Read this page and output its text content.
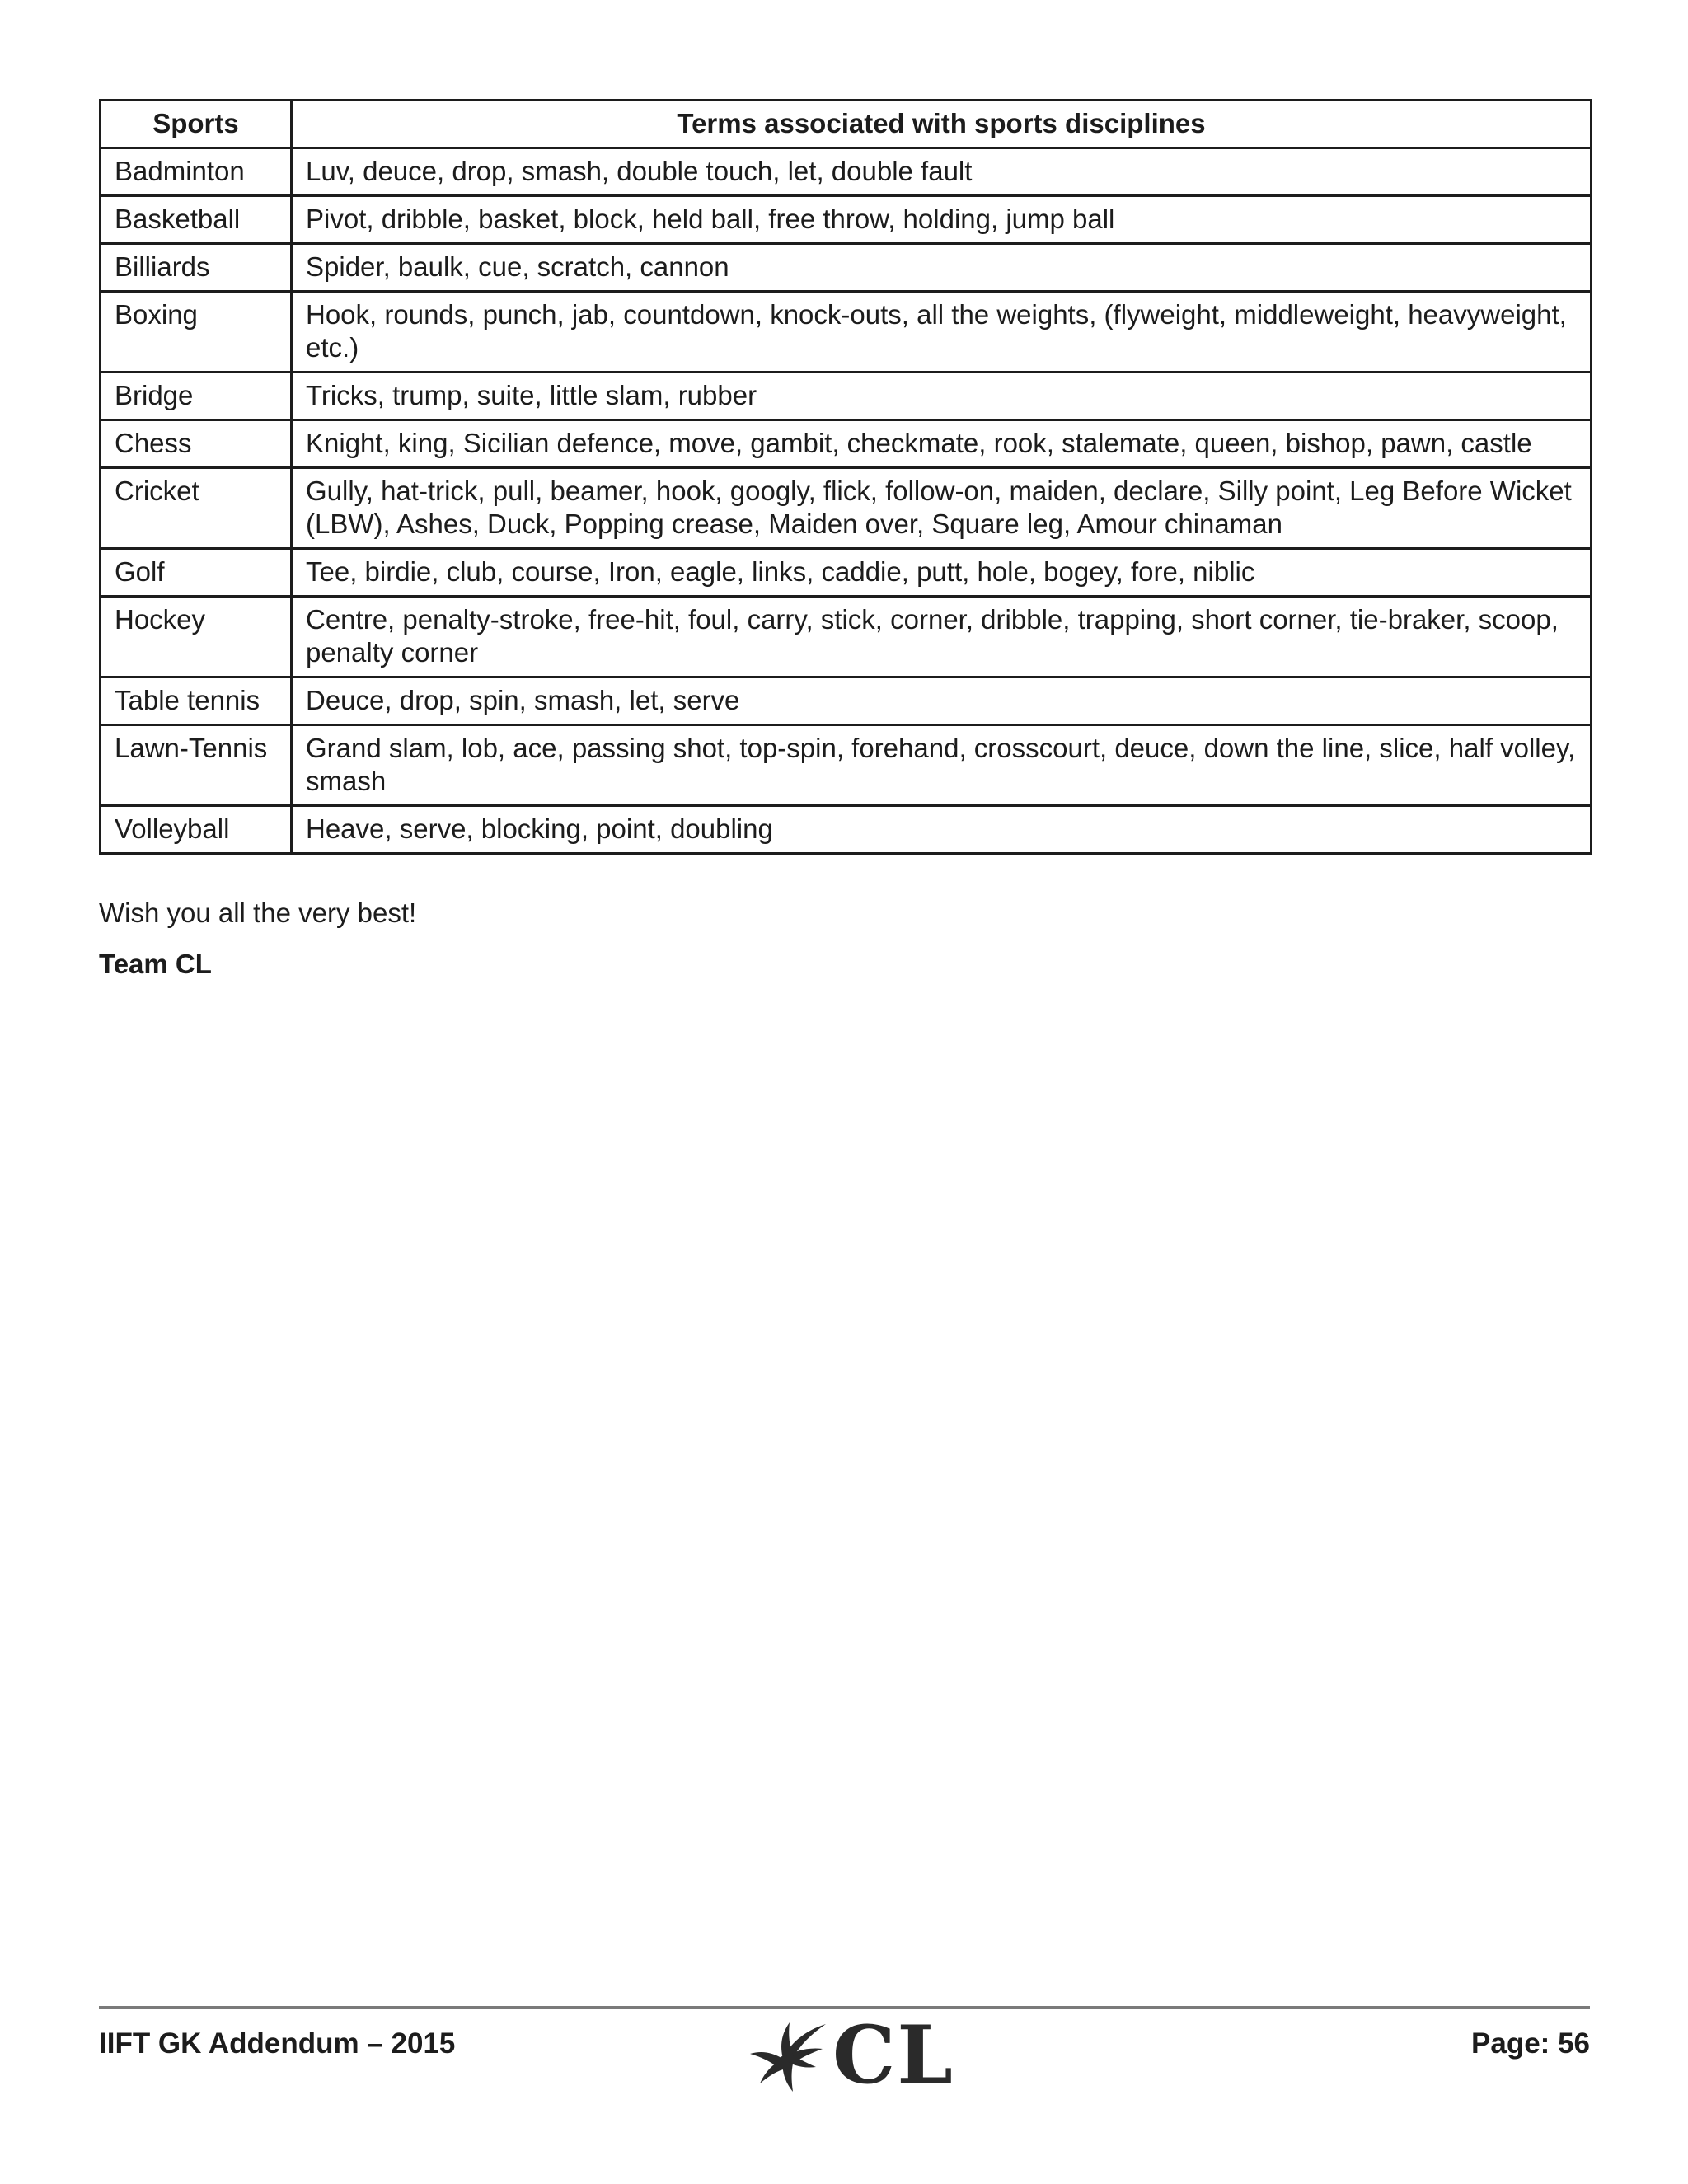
Sports	Terms associated with sports disciplines
Badminton	Luv, deuce, drop, smash, double touch, let, double fault
Basketball	Pivot, dribble, basket, block, held ball, free throw, holding, jump ball
Billiards	Spider, baulk, cue, scratch, cannon
Boxing	Hook, rounds, punch, jab, countdown, knock-outs, all the weights, (flyweight, middleweight, heavyweight, etc.)
Bridge	Tricks, trump, suite, little slam, rubber
Chess	Knight, king, Sicilian defence, move, gambit, checkmate, rook, stalemate, queen, bishop, pawn, castle
Cricket	Gully, hat-trick, pull, beamer, hook, googly, flick, follow-on, maiden, declare, Silly point, Leg Before Wicket (LBW), Ashes, Duck, Popping crease, Maiden over, Square leg, Amour chinaman
Golf	Tee, birdie, club, course, Iron, eagle, links, caddie, putt, hole, bogey, fore, niblic
Hockey	Centre, penalty-stroke, free-hit, foul, carry, stick, corner, dribble, trapping, short corner, tie-braker, scoop, penalty corner
Table tennis	Deuce, drop, spin, smash, let, serve
Lawn-Tennis	Grand slam, lob, ace, passing shot, top-spin, forehand, crosscourt, deuce, down the line, slice, half volley, smash
Volleyball	Heave, serve, blocking, point, doubling
Wish you all the very best!
Team CL
IIFT GK Addendum – 2015	CL	Page: 56
